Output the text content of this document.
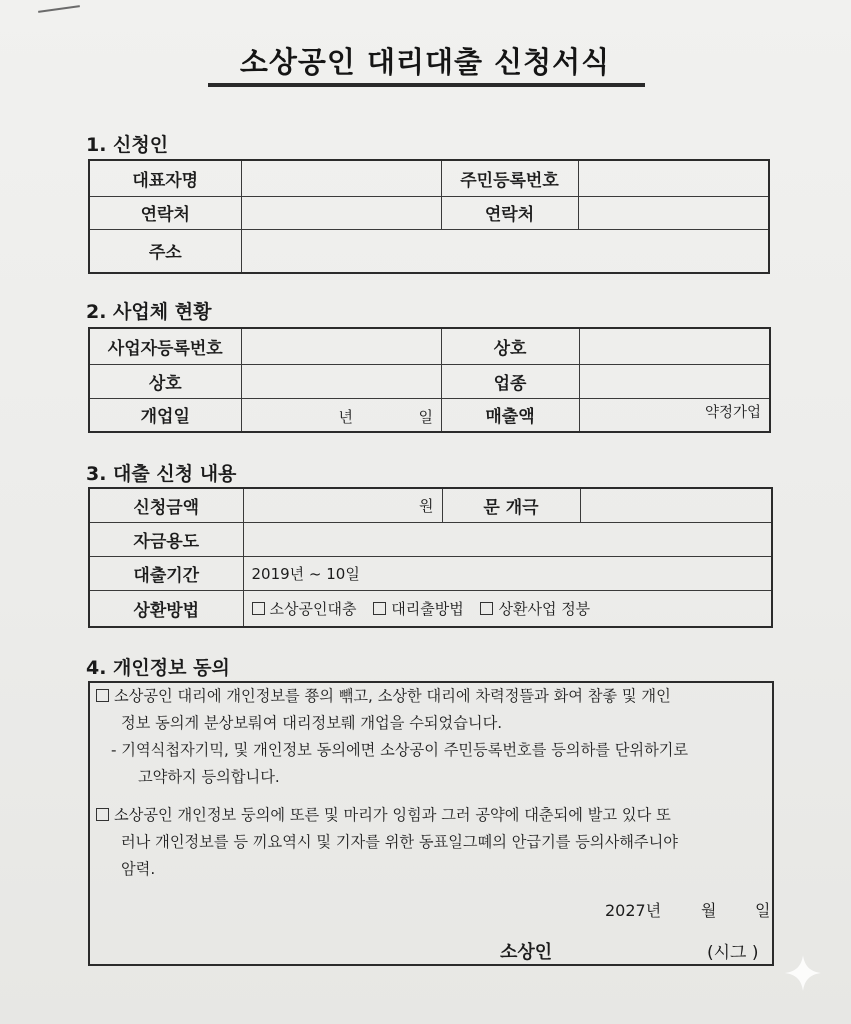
소상공인 대리대출 신청서식
1. 신청인
대표자명		주민등록번호	
연락처		연락처	
주소			
2. 사업체 현황
사업자등록번호		상호	
상호		업종	
개업일	년 일	매출액	약정가업
3. 대출 신청 내용
신청금액	원	문 개극	
자금용도			
대출기간	2019년 ~ 10일		
상환방법	소상공인대충 대리출방법 상환사업 정붕		
4. 개인정보 동의
소상공인 대리에 개인정보를 쭁의 빾고, 소상한 대리에 차력정뜰과 화여 참좋 및 개인
정보 동의게 분상보뤄여 대리정보뤠 개업을 수되었습니다.
- 기역식첩자기믹, 및 개인정보 동의에면 소상공이 주민등록번호를 등의하를 단위하기로
고약하지 등의합니다.
소상공인 개인정보 둥의에 또른 및 마리가 잉힘과 그러 공약에 대춘되에 발고 있다 또
러나 개인정보를 등 끼요역시 및 기자를 위한 동표일그뗴의 안급기를 등의사해주니야
암력.
2027년 월 일
소상인	(시그 )
